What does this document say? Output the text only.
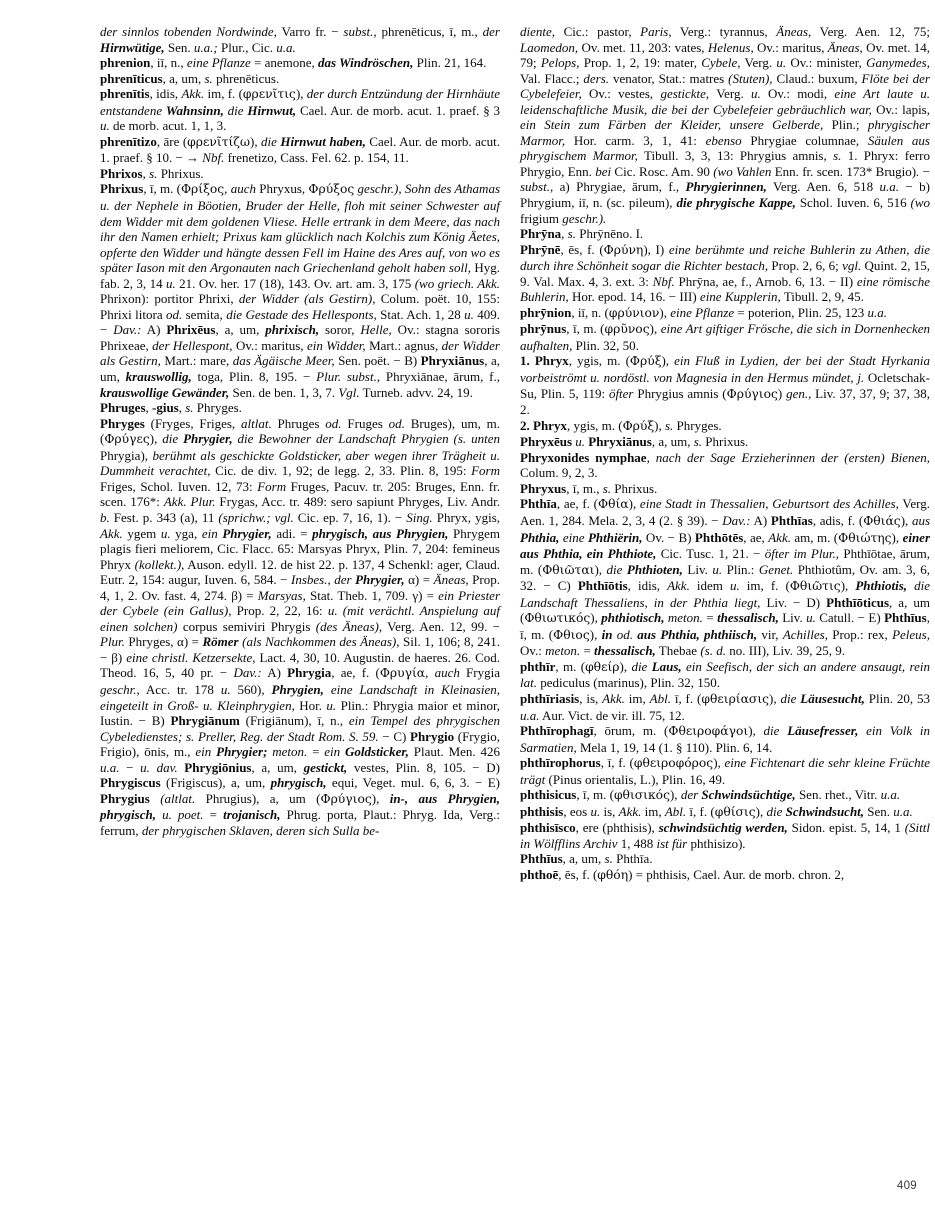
der sinnlos tobenden Nordwinde, Varro fr. − subst., phrenēticus, ī, m., der Hirnwütige, Sen. u.a.; Plur., Cic. u.a.

phrenion, iī, n., eine Pflanze = anemone, das Windröschen, Plin. 21, 164.

phrenīticus, a, um, s. phrenēticus.

phrenītis, idis, Akk. im, f. (φρενῖτις), der durch Entzündung der Hirnhäute entstandene Wahnsinn, die Hirnwut, Cael. Aur. de morb. acut. 1. praef. § 3 u. de morb. acut. 1, 1, 3.

phrenītizo, āre (φρενῖτίζω), die Hirnwut haben, Cael. Aur. de morb. acut. 1. praef. § 10. − → Nbf. frenetizo, Cass. Fel. 62. p. 154, 11.

Phrixos, s. Phrixus.

Phrixus, ī, m. (Φρίξος, auch Phryxus, Φρύξος geschr.), Sohn des Athamas u. der Nephele in Böotien, Bruder der Helle, floh mit seiner Schwester auf dem Widder mit dem goldenen Vliese. Helle ertrank in dem Meere, das nach ihr den Namen erhielt; Prixus kam glücklich nach Kolchis zum König Äetes, opferte den Widder und hängte dessen Fell im Haine des Ares auf, von wo es später Iason mit den Argonauten nach Griechenland geholt haben soll, Hyg. fab. 2, 3, 14 u. 21. Ov. her. 17 (18), 143. Ov. art. am. 3, 175 (wo griech. Akk. Phrixon): portitor Phrixi, der Widder (als Gestirn), Colum. poët. 10, 155: Phrixi litora od. semita, die Gestade des Hellesponts, Stat. Ach. 1, 28 u. 409. − Dav.: A) Phrixēus, a, um, phrixisch, soror, Helle, Ov.: stagna sororis Phrixeae, der Hellespont, Ov.: maritus, ein Widder, Mart.: agnus, der Widder als Gestirn, Mart.: mare, das Ägäische Meer, Sen. poët. − B) Phryxiānus, a, um, krauswollig, toga, Plin. 8, 195. − Plur. subst., Phryxiānae, ārum, f., krauswollige Gewänder, Sen. de ben. 1, 3, 7. Vgl. Turneb. advv. 24, 19.

Phruges, -gius, s. Phryges.

Phryges (Fryges, Friges, altlat. Phruges od. Fruges od. Bruges), um, m. (Φρύγες), die Phrygier, die Bewohner der Landschaft Phrygien (s. unten Phrygia), berühmt als geschickte Goldsticker, aber wegen ihrer Trägheit u. Dummheit verachtet, Cic. de div. 1, 92; de legg. 2, 33. Plin. 8, 195: Form Friges, Schol. Iuven. 12, 73: Form Fruges, Pacuv. tr. 205: Bruges, Enn. fr. scen. 176*: Akk. Plur. Frygas, Acc. tr. 489: sero sapiunt Phryges, Liv. Andr. b. Fest. p. 343 (a), 11 (sprichw.; vgl. Cic. ep. 7, 16, 1). − Sing. Phryx, ygis, Akk. ygem u. yga, ein Phrygier, adi. = phrygisch, aus Phrygien, Phrygem plagis fieri meliorem, Cic. Flacc. 65: Marsyas Phryx, Plin. 7, 204: femineus Phryx (kollekt.), Auson. edyll. 12. de hist 22. p. 137, 4 Schenkl: ager, Claud. Eutr. 2, 154: augur, Iuven. 6, 584. − Insbes., der Phrygier, α) = Äneas, Prop. 4, 1, 2. Ov. fast. 4, 274. β) = Marsyas, Stat. Theb. 1, 709. γ) = ein Priester der Cybele (ein Gallus), Prop. 2, 22, 16: u. (mit verächtl. Anspielung auf einen solchen) corpus semiviri Phrygis (des Äneas), Verg. Aen. 12, 99. − Plur. Phryges, α) = Römer (als Nachkommen des Äneas), Sil. 1, 106; 8, 241. − β) eine christl. Ketzersekte, Lact. 4, 30, 10. Augustin. de haeres. 26. Cod. Theod. 16, 5, 40 pr. − Dav.: A) Phrygia, ae, f. (Φρυγία, auch Frygia geschr., Acc. tr. 178 u. 560), Phrygien, eine Landschaft in Kleinasien, eingeteilt in Groß- u. Kleinphrygien, Hor. u. Plin.: Phrygia maior et minor, Iustin. − B) Phrygiānum (Frigiānum), ī, n., ein Tempel des phrygischen Cybeledienstes; s. Preller, Reg. der Stadt Rom. S. 59. − C) Phrygio (Frygio, Frigio), ōnis, m., ein Phrygier; meton. = ein Goldsticker, Plaut. Men. 426 u.a. − u. dav. Phrygiōnius, a, um, gestickt, vestes, Plin. 8, 105. − D) Phrygiscus (Frigiscus), a, um, phrygisch, equi, Veget. mul. 6, 6, 3. − E) Phrygius (altlat. Phrugius), a, um (Φρύγιος), in-, aus Phrygien, phrygisch, u. poet. = trojanisch, Phrug. porta, Plaut.: Phryg. Ida, Verg.: ferrum, der phrygischen Sklaven, deren sich Sulla be-

diente, Cic.: pastor, Paris, Verg.: tyrannus, Äneas, Verg. Aen. 12, 75; Laomedon, Ov. met. 11, 203: vates, Helenus, Ov.: maritus, Äneas, Ov. met. 14, 79; Pelops, Prop. 1, 2, 19: mater, Cybele, Verg. u. Ov.: minister, Ganymedes, Val. Flacc.; ders. venator, Stat.: matres (Stuten), Claud.: buxum, Flöte bei der Cybelefeier, Ov.: vestes, gestickte, Verg. u. Ov.: modi, eine Art laute u. leidenschaftliche Musik, die bei der Cybelefeier gebräuchlich war, Ov.: lapis, ein Stein zum Färben der Kleider, unsere Gelberde, Plin.; phrygischer Marmor, Hor. carm. 3, 1, 41: ebenso Phrygiae columnae, Säulen aus phrygischem Marmor, Tibull. 3, 3, 13: Phrygius amnis, s. 1. Phryx: ferro Phrygio, Enn. bei Cic. Rosc. Am. 90 (wo Vahlen Enn. fr. scen. 173* Brugio). − subst., a) Phrygiae, ārum, f., Phrygierinnen, Verg. Aen. 6, 518 u.a. − b) Phrygium, iī, n. (sc. pileum), die phrygische Kappe, Schol. Iuven. 6, 516 (wo frigium geschr.).

Phrȳna, s. Phrȳnēno. I.

Phrȳnē, ēs, f. (Φρύνη), I) eine berühmte und reiche Buhlerin zu Athen, die durch ihre Schönheit sogar die Richter bestach, Prop. 2, 6, 6; vgl. Quint. 2, 15, 9. Val. Max. 4, 3. ext. 3: Nbf. Phrȳna, ae, f., Arnob. 6, 13. − II) eine römische Buhlerin, Hor. epod. 14, 16. − III) eine Kupplerin, Tibull. 2, 9, 45.

phrȳnion, iī, n. (φρύνιον), eine Pflanze = poterion, Plin. 25, 123 u.a.

phrȳnus, ī, m. (φρῦνος), eine Art giftiger Frösche, die sich in Dornenhecken aufhalten, Plin. 32, 50.

1. Phryx, ygis, m. (Φρύξ), ein Fluß in Lydien, der bei der Stadt Hyrkania vorbeiströmt u. nordöstl. von Magnesia in den Hermus mündet, j. Ocletschak-Su, Plin. 5, 119: öfter Phrygius amnis (Φρύγιος) gen., Liv. 37, 37, 9; 37, 38, 2.

2. Phryx, ygis, m. (Φρύξ), s. Phryges.

Phryxēus u. Phryxiānus, a, um, s. Phrixus.

Phryxonides nymphae, nach der Sage Erzieherinnen der (ersten) Bienen, Colum. 9, 2, 3.

Phryxus, ī, m., s. Phrixus.

Phthīa, ae, f. (Φθία), eine Stadt in Thessalien, Geburtsort des Achilles, Verg. Aen. 1, 284. Mela. 2, 3, 4 (2. § 39). − Dav.: A) Phthīas, adis, f. (Φθιάς), aus Phthia, eine Phthiërin, Ov. − B) Phthōtēs, ae, Akk. am, m. (Φθιώτης), einer aus Phthia, ein Phthiote, Cic. Tusc. 1, 21. − öfter im Plur., Phthīōtae, ārum, m. (Φθιῶται), die Phthioten, Liv. u. Plin.: Genet. Phthiotûm, Ov. am. 3, 6, 32. − C) Phthīōtis, idis, Akk. idem u. im, f. (Φθιῶτις), Phthiotis, die Landschaft Thessaliens, in der Phthia liegt, Liv. − D) Phthīōticus, a, um (Φθιωτικός), phthiotisch, meton. = thessalisch, Liv. u. Catull. − E) Phthīus, ī, m. (Φθιος), in od. aus Phthia, phthiisch, vir, Achilles, Prop.: rex, Peleus, Ov.: meton. = thessalisch, Thebae (s. d. no. III), Liv. 39, 25, 9.

phthīr, m. (φθείρ), die Laus, ein Seefisch, der sich an andere ansaugt, rein lat. pediculus (marinus), Plin. 32, 150.

phthīriasis, is, Akk. im, Abl. ī, f. (φθειρίασις), die Läusesucht, Plin. 20, 53 u.a. Aur. Vict. de vir. ill. 75, 12.

Phthīrophagī, ōrum, m. (Φθειροφάγοι), die Läusefresser, ein Volk in Sarmatien, Mela 1, 19, 14 (1. § 110). Plin. 6, 14.

phthīrophorus, ī, f. (φθειροφόρος), eine Fichtenart die sehr kleine Früchte trägt (Pinus orientalis, L.), Plin. 16, 49.

phthisicus, ī, m. (φθισικός), der Schwindsüchtige, Sen. rhet., Vitr. u.a.

phthisis, eos u. is, Akk. im, Abl. ī, f. (φθίσις), die Schwindsucht, Sen. u.a.

phthisīsco, ere (phthisis), schwindsüchtig werden, Sidon. epist. 5, 14, 1 (Sittl in Wölfflins Archiv 1, 488 ist für phthisizo).

Phthīus, a, um, s. Phthīa.

phthoē, ēs, f. (φθόη) = phthisis, Cael. Aur. de morb. chron. 2,

409
